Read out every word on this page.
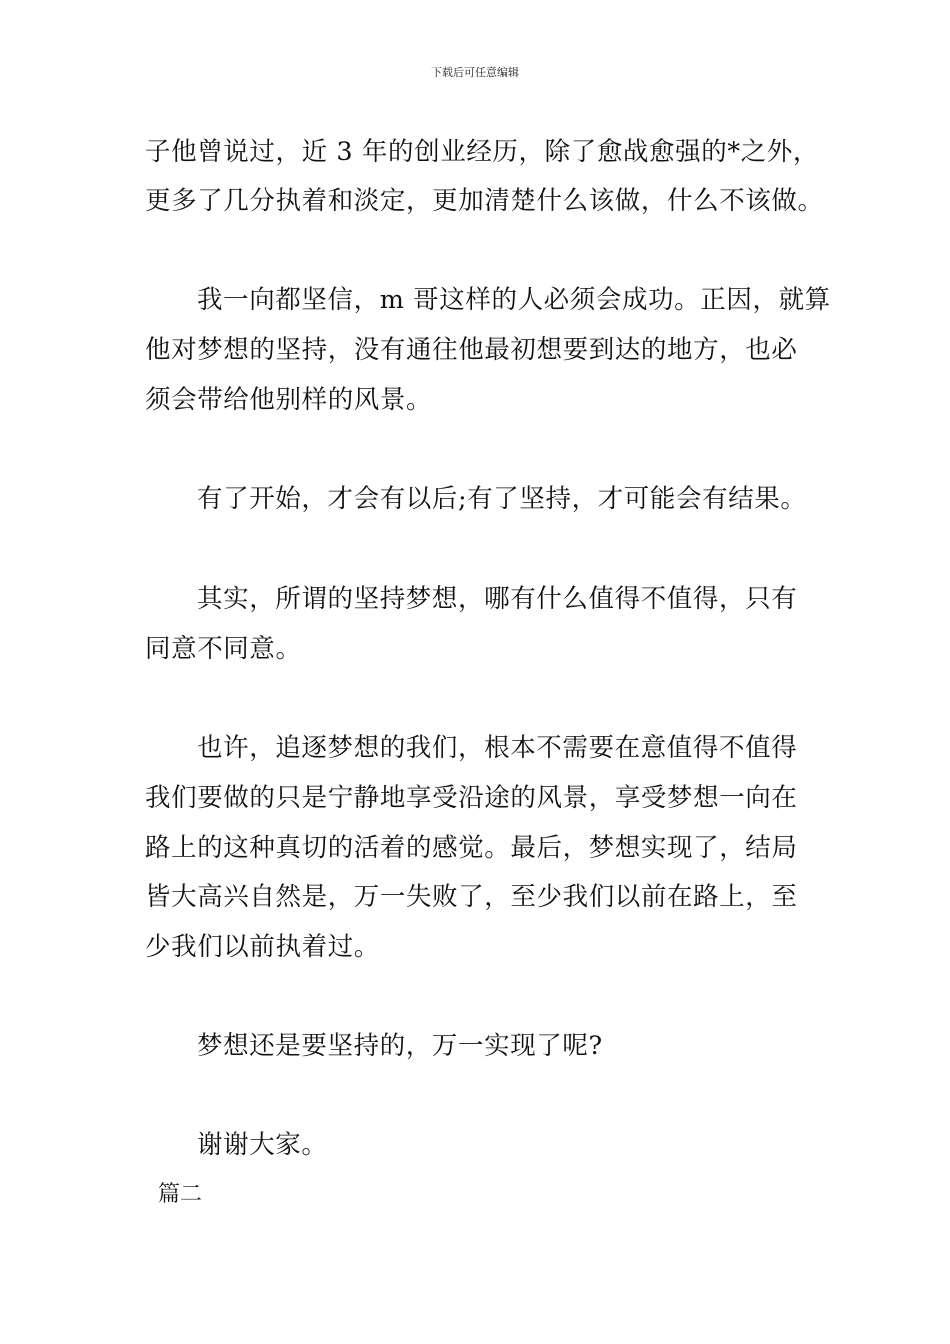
下载后可任意编辑
子他曾说过，近 3 年的创业经历，除了愈战愈强的*之外，
更多了几分执着和淡定，更加清楚什么该做，什么不该做。
我一向都坚信，m 哥这样的人必须会成功。正因，就算
他对梦想的坚持，没有通往他最初想要到达的地方，也必
须会带给他别样的风景。
有了开始，才会有以后;有了坚持，才可能会有结果。
其实，所谓的坚持梦想，哪有什么值得不值得，只有
同意不同意。
也许，追逐梦想的我们，根本不需要在意值得不值得
我们要做的只是宁静地享受沿途的风景，享受梦想一向在
路上的这种真切的活着的感觉。最后，梦想实现了，结局
皆大高兴自然是，万一失败了，至少我们以前在路上，至
少我们以前执着过。
梦想还是要坚持的，万一实现了呢?
谢谢大家。
篇二
